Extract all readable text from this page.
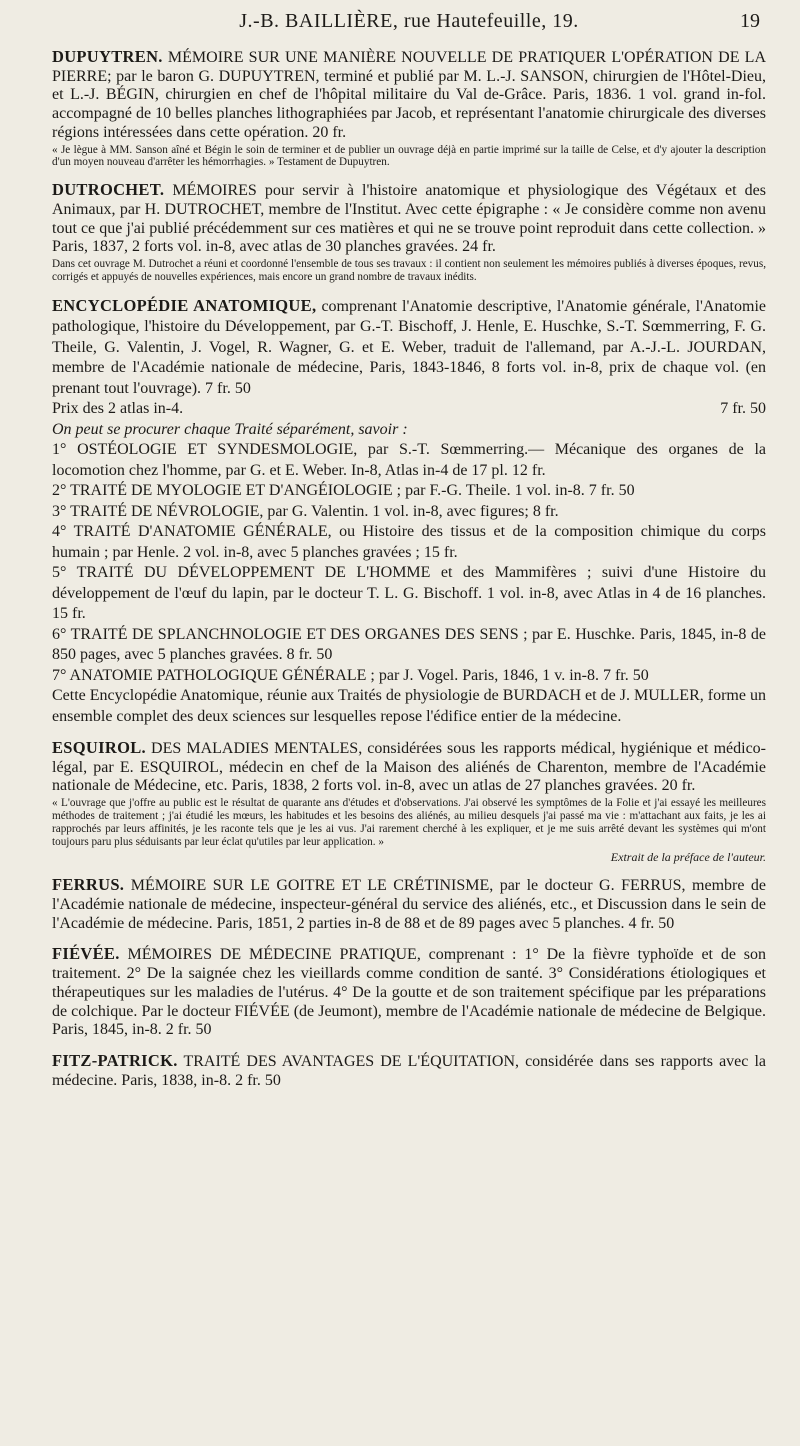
J.-B. BAILLIÈRE, rue Hautefeuille, 19.	19

DUPUYTREN. MÉMOIRE SUR UNE MANIÈRE NOUVELLE DE PRATIQUER L'OPÉRATION DE LA PIERRE; par le baron G. DUPUYTREN, terminé et publié par M. L.-J. SANSON, chirurgien de l'Hôtel-Dieu, et L.-J. BÉGIN, chirurgien en chef de l'hôpital militaire du Val de-Grâce. Paris, 1836. 1 vol. grand in-fol. accompagné de 10 belles planches lithographiées par Jacob, et représentant l'anatomie chirurgicale des diverses régions intéressées dans cette opération. 20 fr.

« Je lègue à MM. Sanson aîné et Bégin le soin de terminer et de publier un ouvrage déjà en partie imprimé sur la taille de Celse, et d'y ajouter la description d'un moyen nouveau d'arrêter les hémorrhagies. » Testament de Dupuytren.

DUTROCHET. MÉMOIRES pour servir à l'histoire anatomique et physiologique des Végétaux et des Animaux, par H. DUTROCHET, membre de l'Institut. Avec cette épigraphe : « Je considère comme non avenu tout ce que j'ai publié précédemment sur ces matières et qui ne se trouve point reproduit dans cette collection. » Paris, 1837, 2 forts vol. in-8, avec atlas de 30 planches gravées. 24 fr.

Dans cet ouvrage M. Dutrochet a réuni et coordonné l'ensemble de tous ses travaux : il contient non seulement les mémoires publiés à diverses époques, revus, corrigés et appuyés de nouvelles expériences, mais encore un grand nombre de travaux inédits.

ENCYCLOPÉDIE ANATOMIQUE, comprenant l'Anatomie descriptive, l'Anatomie générale, l'Anatomie pathologique, l'histoire du Développement, par G.-T. Bischoff, J. Henle, E. Huschke, S.-T. Sœmmerring, F. G. Theile, G. Valentin, J. Vogel, R. Wagner, G. et E. Weber, traduit de l'allemand, par A.-J.-L. JOURDAN, membre de l'Académie nationale de médecine, Paris, 1843-1846, 8 forts vol. in-8, prix de chaque vol. (en prenant tout l'ouvrage). 7 fr. 50

Prix des 2 atlas in-4.	7 fr. 50

On peut se procurer chaque Traité séparément, savoir :

1° OSTÉOLOGIE ET SYNDESMOLOGIE, par S.-T. Sœmmerring.— Mécanique des organes de la locomotion chez l'homme, par G. et E. Weber. In-8, Atlas in-4 de 17 pl. 12 fr.

2° TRAITÉ DE MYOLOGIE ET D'ANGÉIOLOGIE ; par F.-G. Theile. 1 vol. in-8. 7 fr. 50

3° TRAITÉ DE NÉVROLOGIE, par G. Valentin. 1 vol. in-8, avec figures; 8 fr.

4° TRAITÉ D'ANATOMIE GÉNÉRALE, ou Histoire des tissus et de la composition chimique du corps humain ; par Henle. 2 vol. in-8, avec 5 planches gravées ; 15 fr.

5° TRAITÉ DU DÉVELOPPEMENT DE L'HOMME et des Mammifères ; suivi d'une Histoire du développement de l'œuf du lapin, par le docteur T. L. G. Bischoff. 1 vol. in-8, avec Atlas in 4 de 16 planches. 15 fr.

6° TRAITÉ DE SPLANCHNOLOGIE ET DES ORGANES DES SENS ; par E. Huschke. Paris, 1845, in-8 de 850 pages, avec 5 planches gravées. 8 fr. 50

7° ANATOMIE PATHOLOGIQUE GÉNÉRALE ; par J. Vogel. Paris, 1846, 1 v. in-8. 7 fr. 50

Cette Encyclopédie Anatomique, réunie aux Traités de physiologie de BURDACH et de J. MULLER, forme un ensemble complet des deux sciences sur lesquelles repose l'édifice entier de la médecine.

ESQUIROL. DES MALADIES MENTALES, considérées sous les rapports médical, hygiénique et médico-légal, par E. ESQUIROL, médecin en chef de la Maison des aliénés de Charenton, membre de l'Académie nationale de Médecine, etc. Paris, 1838, 2 forts vol. in-8, avec un atlas de 27 planches gravées. 20 fr.

« L'ouvrage que j'offre au public est le résultat de quarante ans d'études et d'observations. J'ai observé les symptômes de la Folie et j'ai essayé les meilleures méthodes de traitement ; j'ai étudié les mœurs, les habitudes et les besoins des aliénés, au milieu desquels j'ai passé ma vie : m'attachant aux faits, je les ai rapprochés par leurs affinités, je les raconte tels que je les ai vus. J'ai rarement cherché à les expliquer, et je me suis arrêté devant les systèmes qui m'ont toujours paru plus séduisants par leur éclat qu'utiles par leur application. »

Extrait de la préface de l'auteur.

FERRUS. MÉMOIRE SUR LE GOITRE ET LE CRÉTINISME, par le docteur G. FERRUS, membre de l'Académie nationale de médecine, inspecteur-général du service des aliénés, etc., et Discussion dans le sein de l'Académie de médecine. Paris, 1851, 2 parties in-8 de 88 et de 89 pages avec 5 planches. 4 fr. 50

FIÉVÉE. MÉMOIRES DE MÉDECINE PRATIQUE, comprenant : 1° De la fièvre typhoïde et de son traitement. 2° De la saignée chez les vieillards comme condition de santé. 3° Considérations étiologiques et thérapeutiques sur les maladies de l'utérus. 4° De la goutte et de son traitement spécifique par les préparations de colchique. Par le docteur FIÉVÉE (de Jeumont), membre de l'Académie nationale de médecine de Belgique. Paris, 1845, in-8. 2 fr. 50

FITZ-PATRICK. TRAITÉ DES AVANTAGES DE L'ÉQUITATION, considérée dans ses rapports avec la médecine. Paris, 1838, in-8. 2 fr. 50
